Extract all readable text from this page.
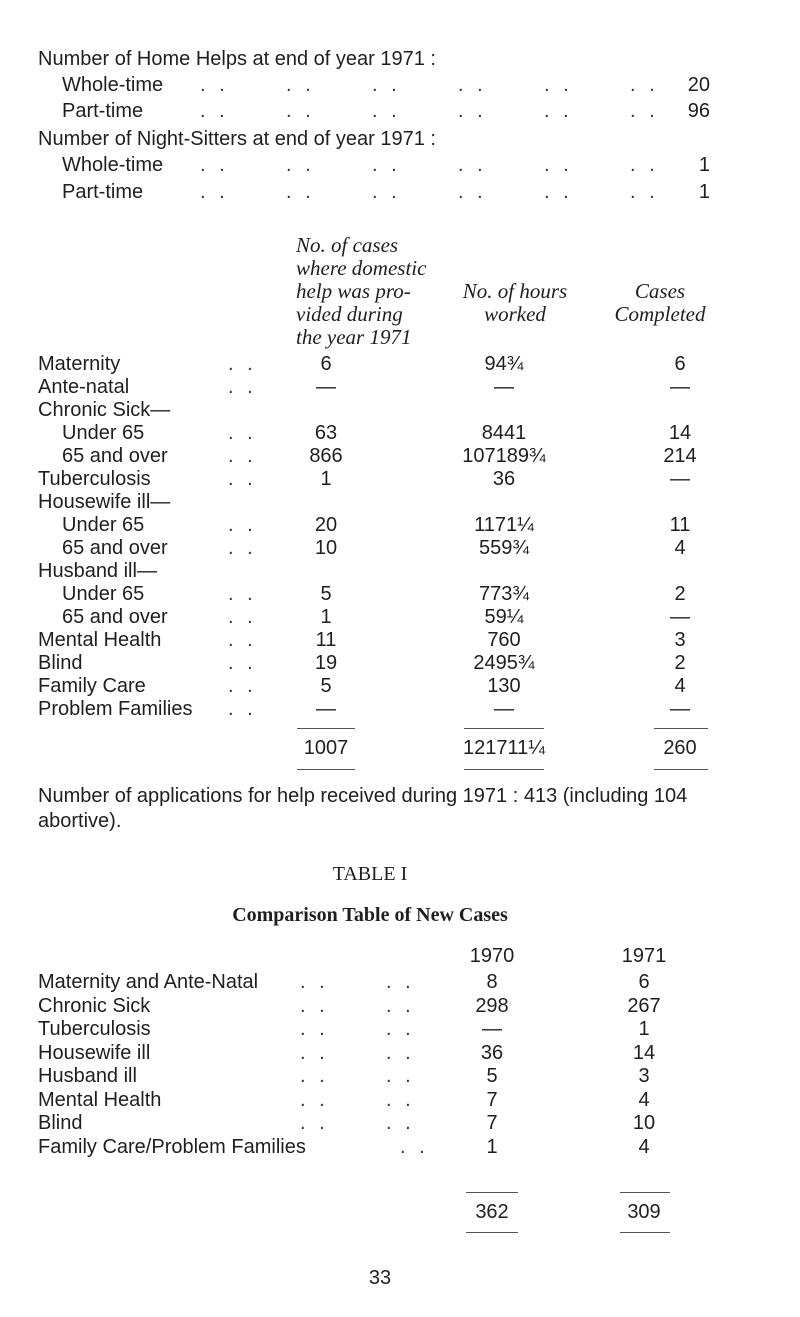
Number of Home Helps at end of year 1971 :
Whole-time . .      . .      . .      . .      . .      . .	20
Part-time	. .      . .      . .      . .      . .      . .	96
Number of Night-Sitters at end of year 1971 :
Whole-time . .      . .      . .      . .      . .      . .	1
Part-time	. .      . .      . .      . .      . .      . .	1
No. of cases
where domestic
help was pro-
vided during
the year 1971
No. of hours
worked
Cases
Completed
Maternity	. .	6	94¾	6
Ante-natal	. .	—	—	—
Chronic Sick—
Under 65	. .	63	8441	14
65 and over	. .	866	107189¾	214
Tuberculosis	. .	1	36	—
Housewife ill—
Under 65	. .	20	1171¼	11
65 and over	. .	10	559¾	4
Husband ill—
Under 65	. .	5	773¾	2
65 and over	. .	1	59¼	—
Mental Health	. .	11	760	3
Blind	. .	19	2495¾	2
Family Care	. .	5	130	4
Problem Families . .	—	—	—
1007	121711¼	260
Number of applications for help received during 1971 : 413 (including 104 abortive).
TABLE I
Comparison Table of New Cases
1970	1971
Maternity and Ante-Natal . .      . .	8	6
Chronic Sick	. .      . .	298	267
Tuberculosis	. .      . .	—	1
Housewife ill	. .      . .	36	14
Husband ill	. .      . .	5	3
Mental Health	. .      . .	7	4
Blind	. .      . .	7	10
Family Care/Problem Families	. .	1	4
362	309
33
